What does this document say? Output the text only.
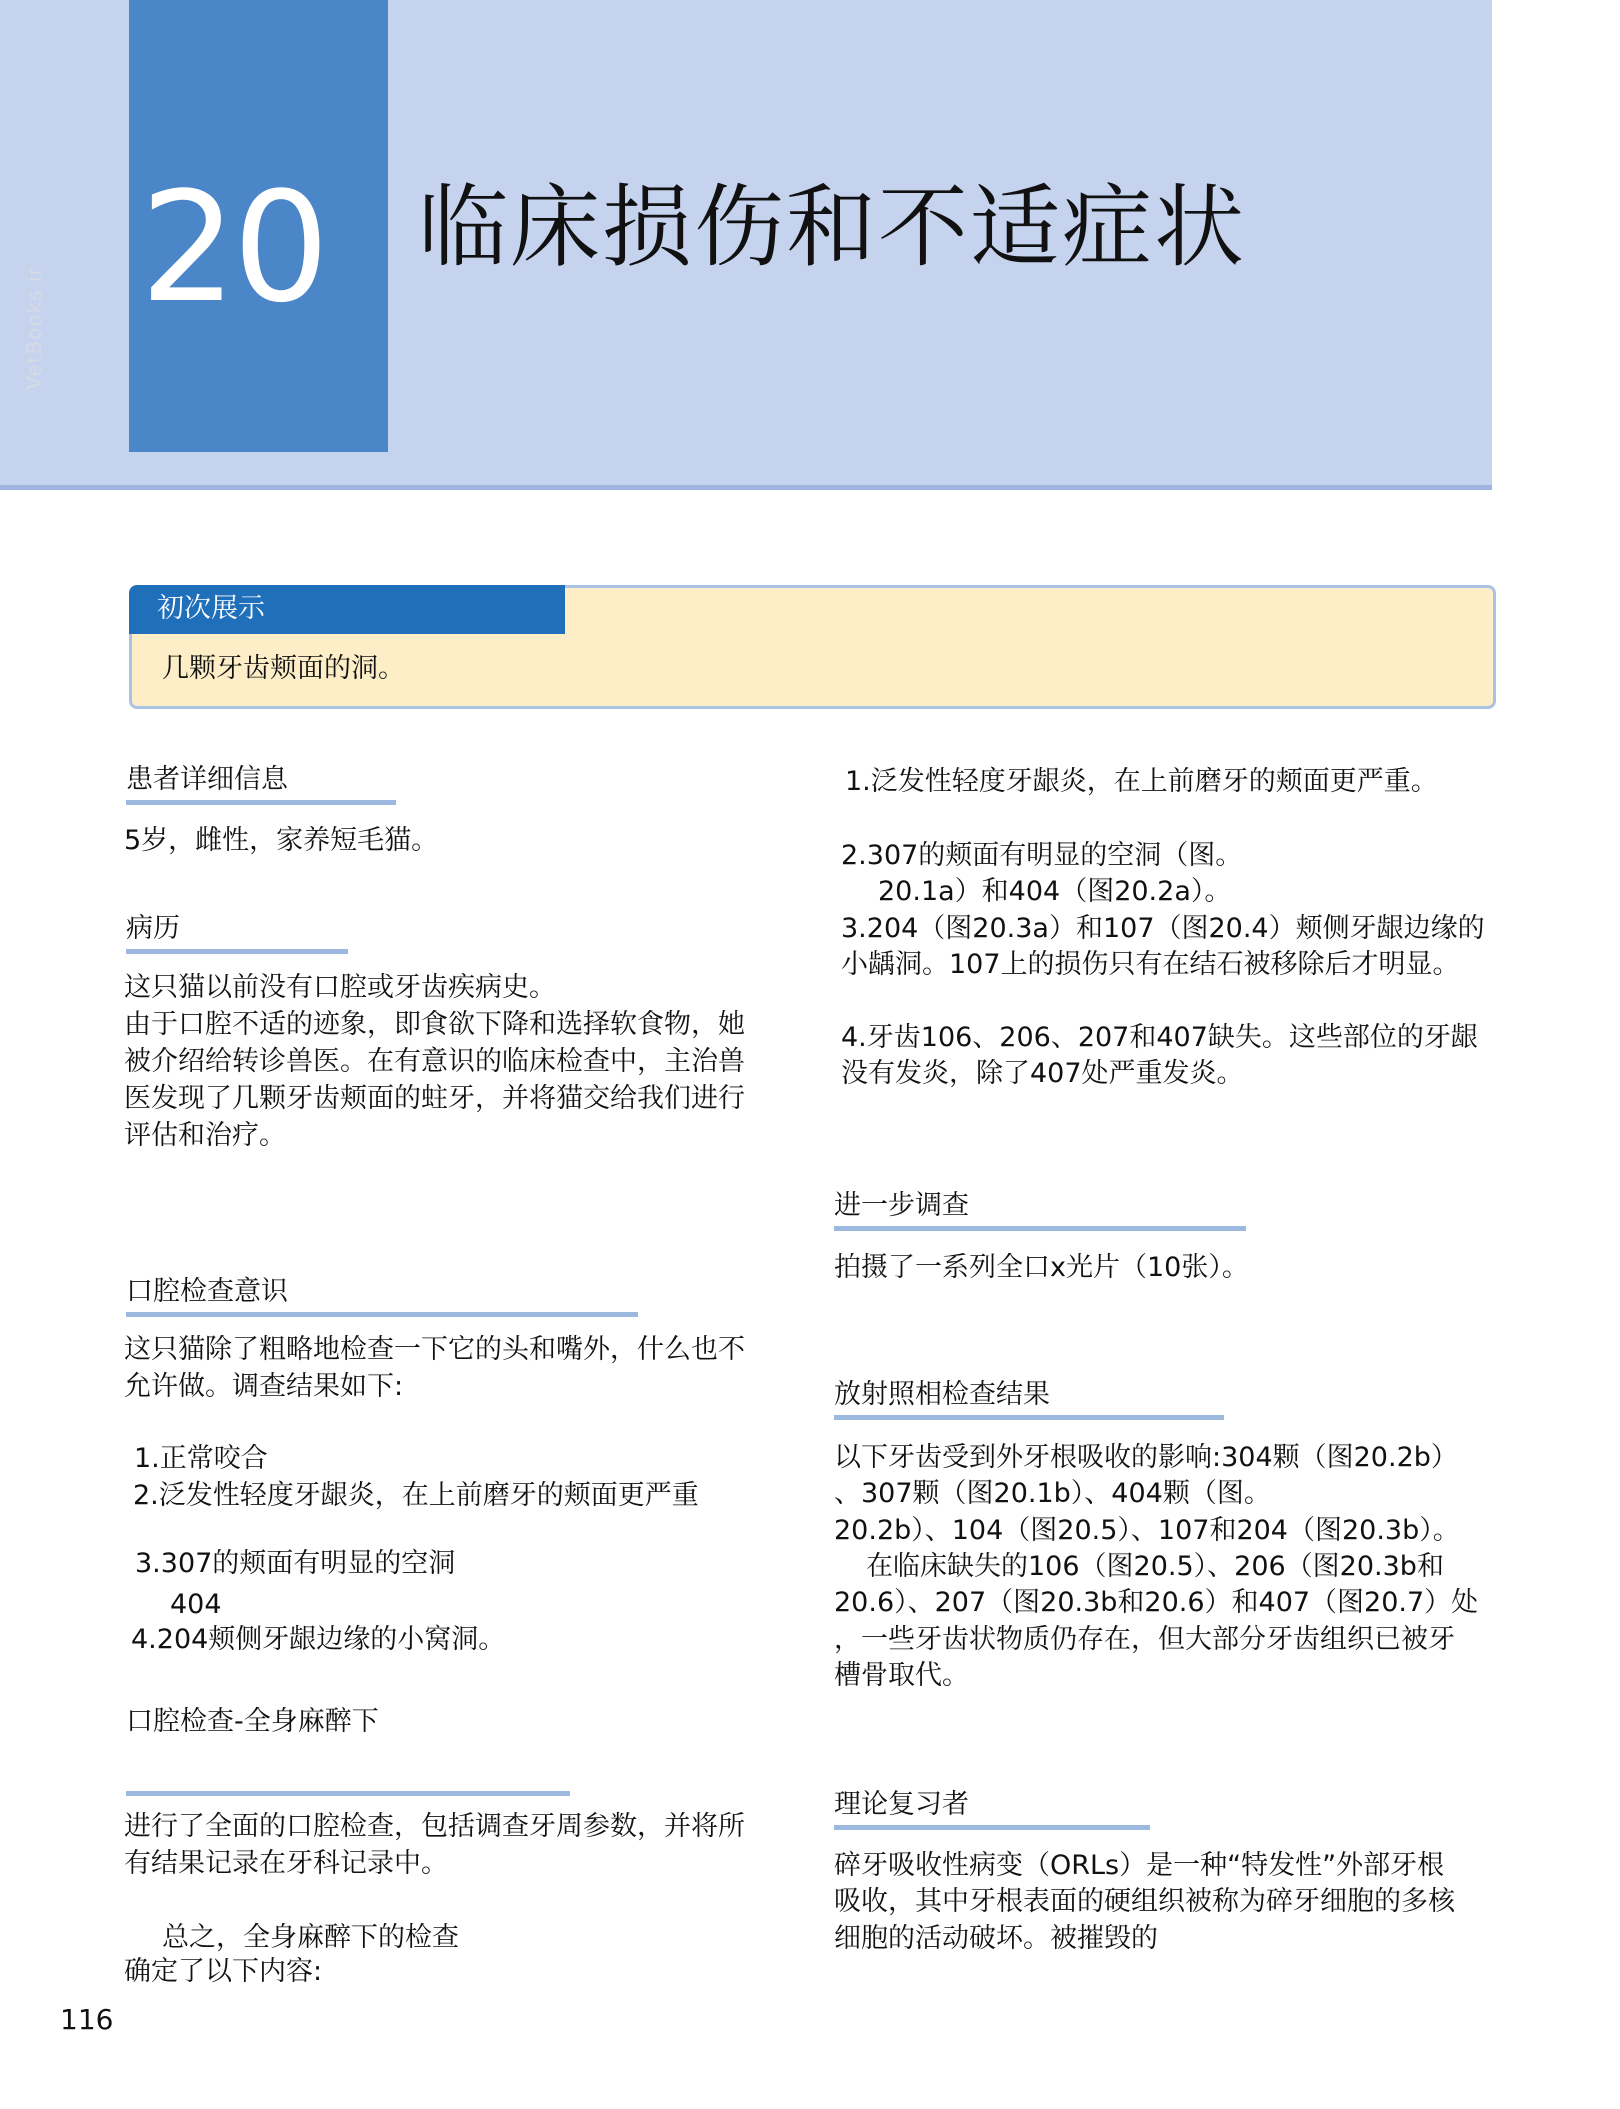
20	临床损伤和不适症状
VetBooks.ir
初次展示
几颗牙齿颊面的洞。
患者详细信息
5岁，雌性，家养短毛猫。
病历
这只猫以前没有口腔或牙齿疾病史。
由于口腔不适的迹象，即食欲下降和选择软食物，她
被介绍给转诊兽医。在有意识的临床检查中，主治兽
医发现了几颗牙齿颊面的蛀牙，并将猫交给我们进行
评估和治疗。
口腔检查意识
这只猫除了粗略地检查一下它的头和嘴外，什么也不
允许做。调查结果如下:
1.正常咬合
2.泛发性轻度牙龈炎，在上前磨牙的颊面更严重
3.307的颊面有明显的空洞
404
4.204颊侧牙龈边缘的小窝洞。
口腔检查-全身麻醉下
进行了全面的口腔检查，包括调查牙周参数，并将所
有结果记录在牙科记录中。
总之，全身麻醉下的检查
确定了以下内容:
1.泛发性轻度牙龈炎，在上前磨牙的颊面更严重。
2.307的颊面有明显的空洞（图。
20.1a）和404（图20.2a）。
3.204（图20.3a）和107（图20.4）颊侧牙龈边缘的
小龋洞。107上的损伤只有在结石被移除后才明显。
4.牙齿106、206、207和407缺失。这些部位的牙龈
没有发炎，除了407处严重发炎。
进一步调查
拍摄了一系列全口x光片（10张）。
放射照相检查结果
以下牙齿受到外牙根吸收的影响:304颗（图20.2b）
、307颗（图20.1b）、404颗（图。
20.2b）、104（图20.5）、107和204（图20.3b）。
在临床缺失的106（图20.5）、206（图20.3b和
20.6）、207（图20.3b和20.6）和407（图20.7）处
，一些牙齿状物质仍存在，但大部分牙齿组织已被牙
槽骨取代。
理论复习者
碎牙吸收性病变（ORLs）是一种“特发性”外部牙根
吸收，其中牙根表面的硬组织被称为碎牙细胞的多核
细胞的活动破坏。被摧毁的
116
